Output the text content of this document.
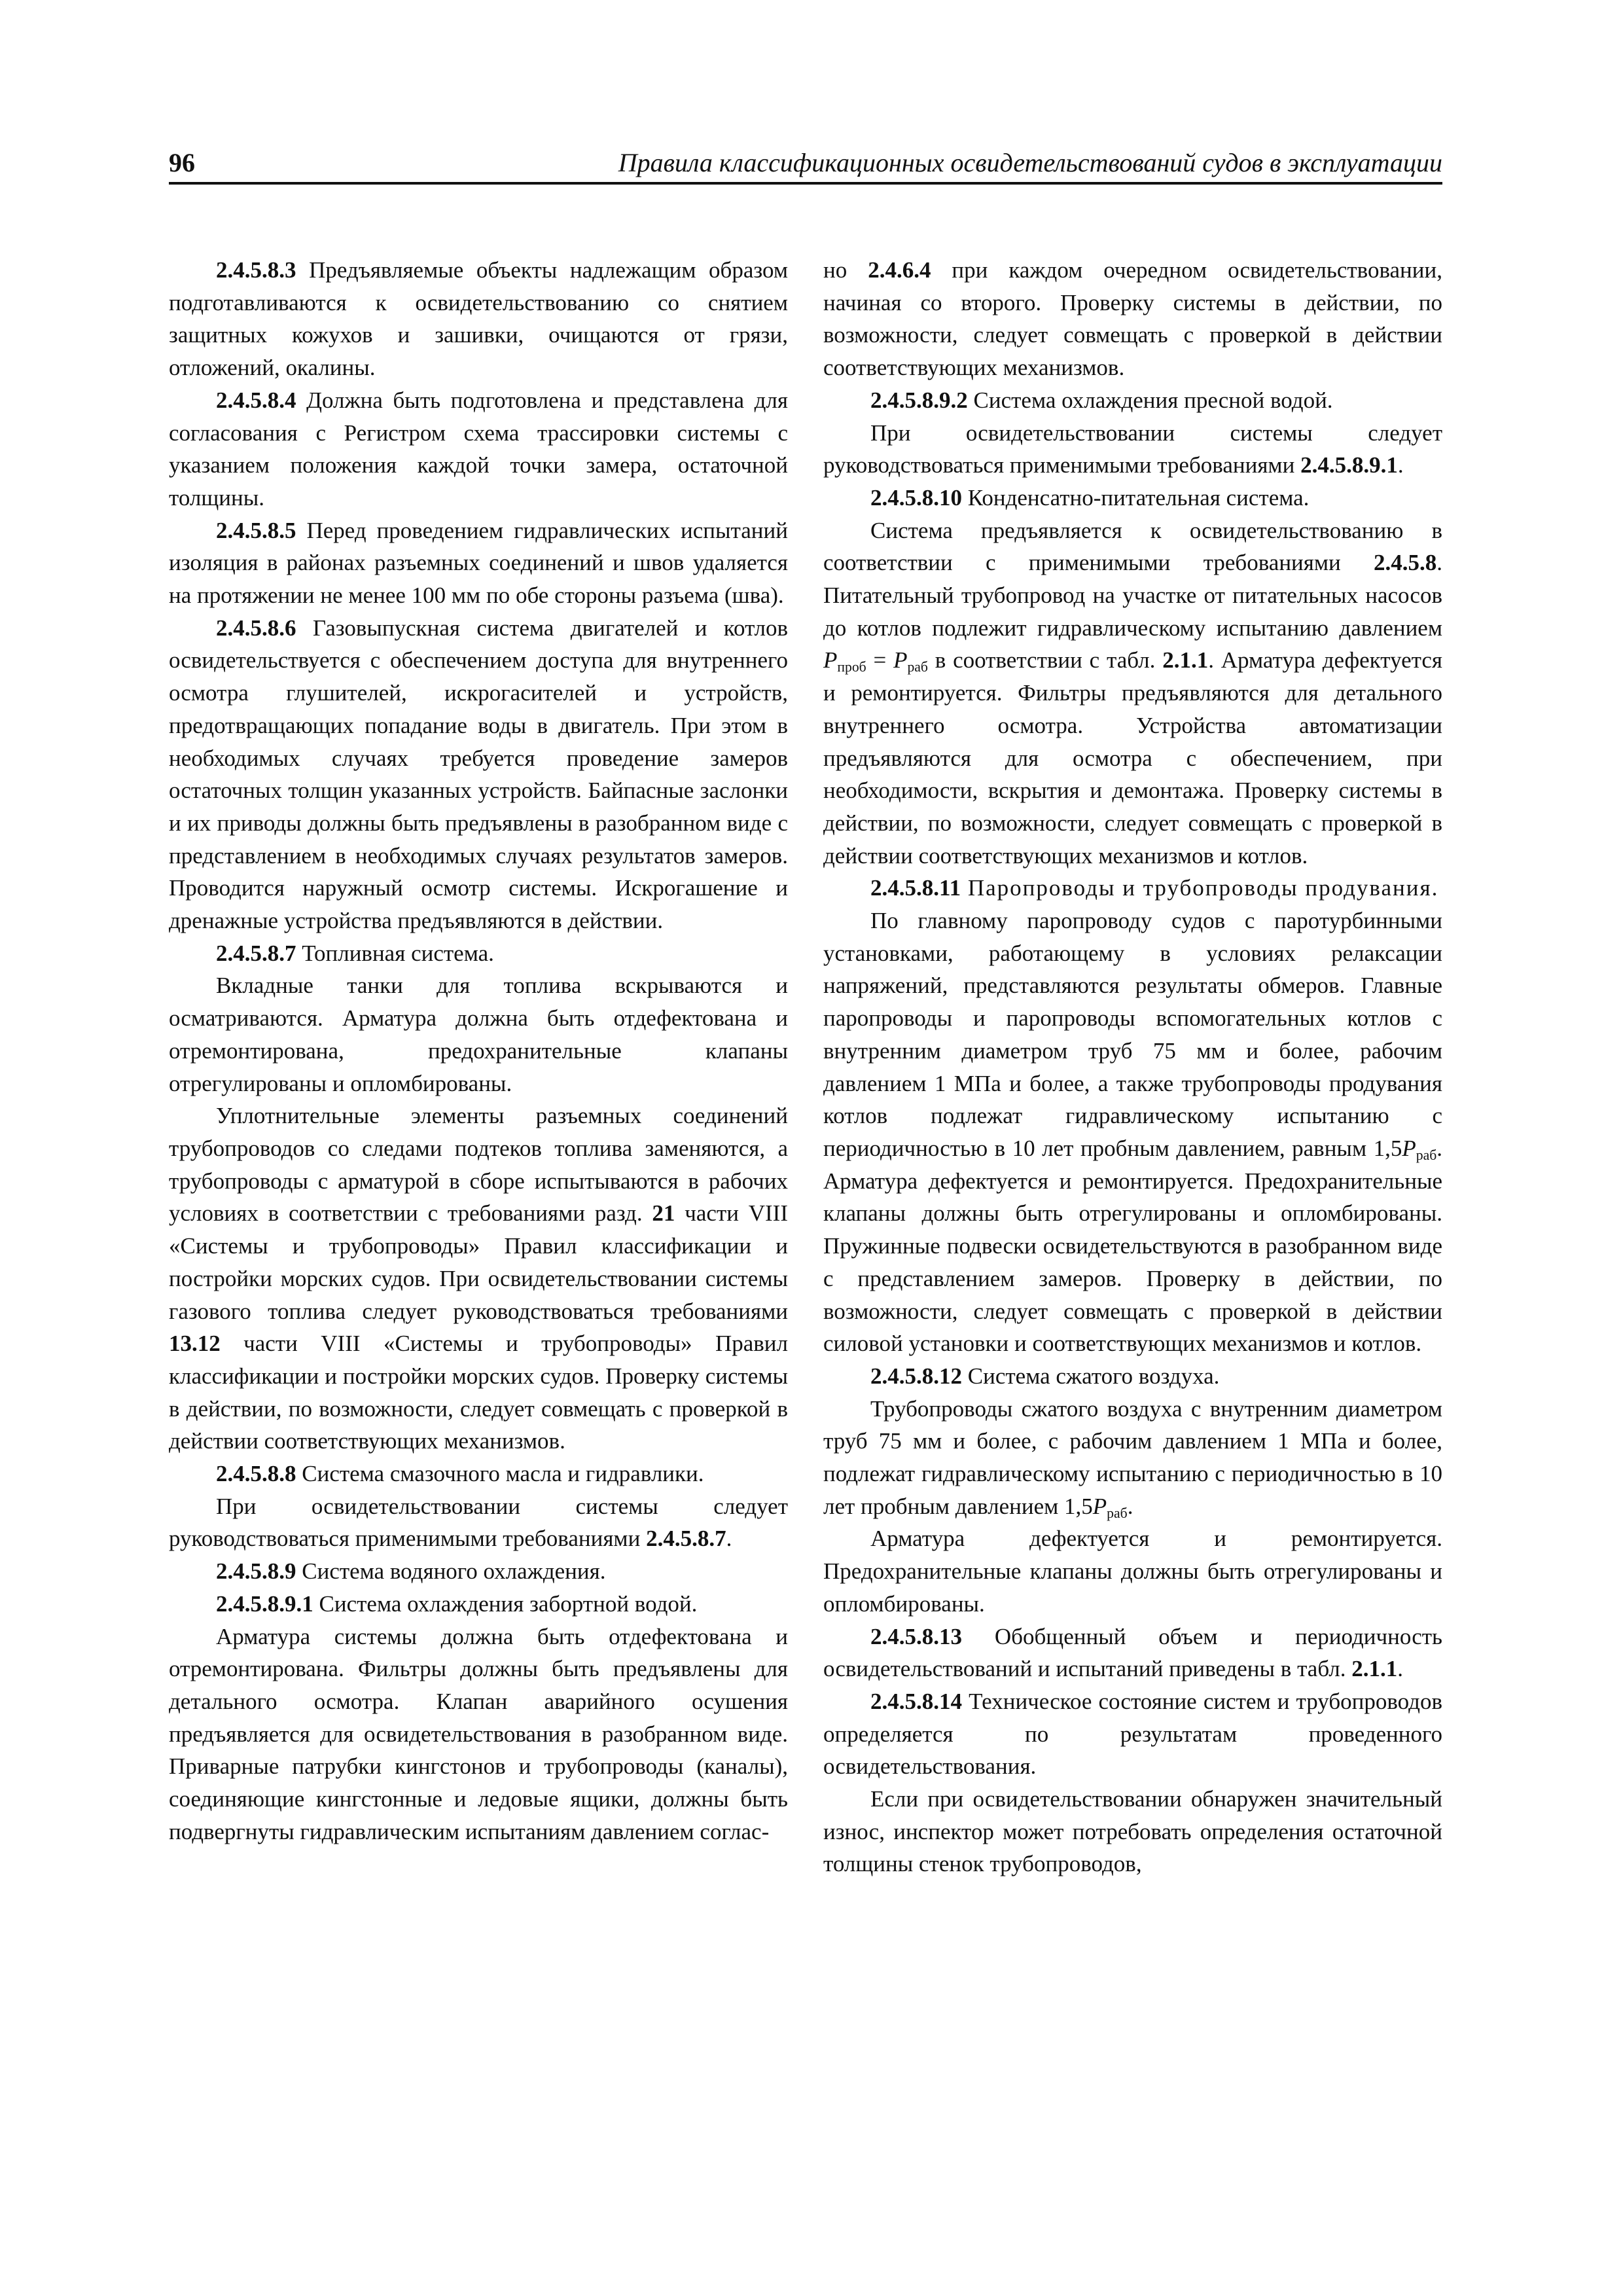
96	Правила классификационных освидетельствований судов в эксплуатации

2.4.5.8.3 Предъявляемые объекты надлежащим образом подготавливаются к освидетельствованию со снятием защитных кожухов и зашивки, очищаются от грязи, отложений, окалины.

2.4.5.8.4 Должна быть подготовлена и представлена для согласования с Регистром схема трассировки системы с указанием положения каждой точки замера, остаточной толщины.

2.4.5.8.5 Перед проведением гидравлических испытаний изоляция в районах разъемных соединений и швов удаляется на протяжении не менее 100 мм по обе стороны разъема (шва).

2.4.5.8.6 Газовыпускная система двигателей и котлов освидетельствуется с обеспечением доступа для внутреннего осмотра глушителей, искрогасителей и устройств, предотвращающих попадание воды в двигатель. При этом в необходимых случаях требуется проведение замеров остаточных толщин указанных устройств. Байпасные заслонки и их приводы должны быть предъявлены в разобранном виде с представлением в необходимых случаях результатов замеров. Проводится наружный осмотр системы. Искрогашение и дренажные устройства предъявляются в действии.

2.4.5.8.7 Топливная система.

Вкладные танки для топлива вскрываются и осматриваются. Арматура должна быть отдефектована и отремонтирована, предохранительные клапаны отрегулированы и опломбированы.

Уплотнительные элементы разъемных соединений трубопроводов со следами подтеков топлива заменяются, а трубопроводы с арматурой в сборе испытываются в рабочих условиях в соответствии с требованиями разд. 21 части VIII «Системы и трубопроводы» Правил классификации и постройки морских судов. При освидетельствовании системы газового топлива следует руководствоваться требованиями 13.12 части VIII «Системы и трубопроводы» Правил классификации и постройки морских судов. Проверку системы в действии, по возможности, следует совмещать с проверкой в действии соответствующих механизмов.

2.4.5.8.8 Система смазочного масла и гидравлики.

При освидетельствовании системы следует руководствоваться применимыми требованиями 2.4.5.8.7.

2.4.5.8.9 Система водяного охлаждения.

2.4.5.8.9.1 Система охлаждения забортной водой.

Арматура системы должна быть отдефектована и отремонтирована. Фильтры должны быть предъявлены для детального осмотра. Клапан аварийного осушения предъявляется для освидетельствования в разобранном виде. Приварные патрубки кингстонов и трубопроводы (каналы), соединяющие кингстонные и ледовые ящики, должны быть подвергнуты гидравлическим испытаниям давлением соглас-

но 2.4.6.4 при каждом очередном освидетельствовании, начиная со второго. Проверку системы в действии, по возможности, следует совмещать с проверкой в действии соответствующих механизмов.

2.4.5.8.9.2 Система охлаждения пресной водой.

При освидетельствовании системы следует руководствоваться применимыми требованиями 2.4.5.8.9.1.

2.4.5.8.10 Конденсатно-питательная система.

Система предъявляется к освидетельствованию в соответствии с применимыми требованиями 2.4.5.8. Питательный трубопровод на участке от питательных насосов до котлов подлежит гидравлическому испытанию давлением $P_{проб} = P_{раб}$ в соответствии с табл. 2.1.1. Арматура дефектуется и ремонтируется. Фильтры предъявляются для детального внутреннего осмотра. Устройства автоматизации предъявляются для осмотра с обеспечением, при необходимости, вскрытия и демонтажа. Проверку системы в действии, по возможности, следует совмещать с проверкой в действии соответствующих механизмов и котлов.

2.4.5.8.11 Паропроводы и трубопроводы продувания.

По главному паропроводу судов с паротурбинными установками, работающему в условиях релаксации напряжений, представляются результаты обмеров. Главные паропроводы и паропроводы вспомогательных котлов с внутренним диаметром труб 75 мм и более, рабочим давлением 1 МПа и более, а также трубопроводы продувания котлов подлежат гидравлическому испытанию с периодичностью в 10 лет пробным давлением, равным $1,5P_{раб}$. Арматура дефектуется и ремонтируется. Предохранительные клапаны должны быть отрегулированы и опломбированы. Пружинные подвески освидетельствуются в разобранном виде с представлением замеров. Проверку в действии, по возможности, следует совмещать с проверкой в действии силовой установки и соответствующих механизмов и котлов.

2.4.5.8.12 Система сжатого воздуха.

Трубопроводы сжатого воздуха с внутренним диаметром труб 75 мм и более, с рабочим давлением 1 МПа и более, подлежат гидравлическому испытанию с периодичностью в 10 лет пробным давлением $1,5P_{раб}$.

Арматура дефектуется и ремонтируется. Предохранительные клапаны должны быть отрегулированы и опломбированы.

2.4.5.8.13 Обобщенный объем и периодичность освидетельствований и испытаний приведены в табл. 2.1.1.

2.4.5.8.14 Техническое состояние систем и трубопроводов определяется по результатам проведенного освидетельствования.

Если при освидетельствовании обнаружен значительный износ, инспектор может потребовать определения остаточной толщины стенок трубопроводов,
